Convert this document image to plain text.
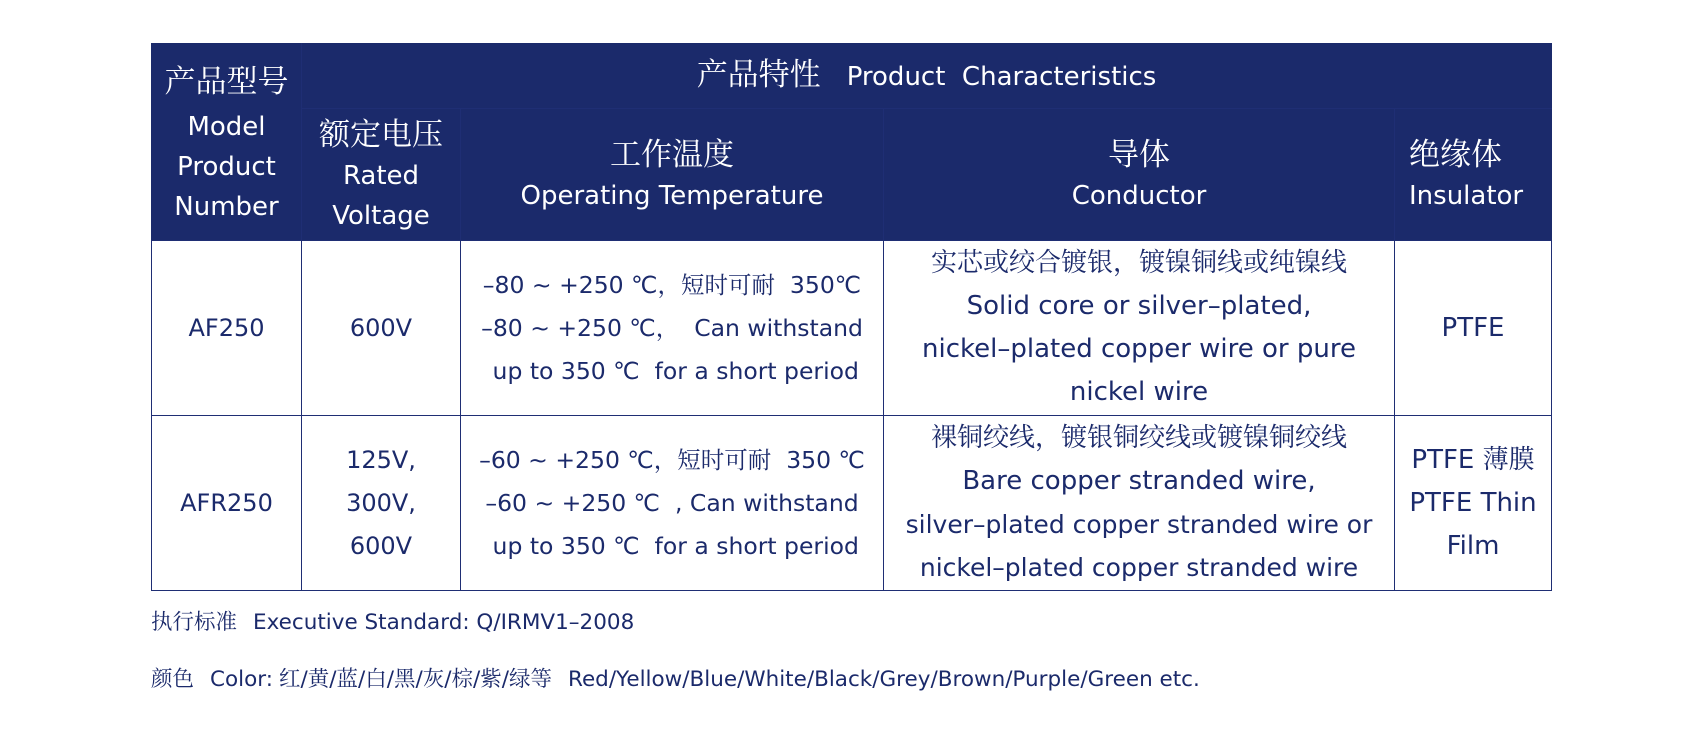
产品型号
Model
Product
Number	产品特性 Product  Characteristics			

	额定电压
Rated
Voltage	工作温度
Operating Temperature	导体
Conductor	绝缘体
Insulator

AF250	600V	–80 ~ +250 ℃，短时可耐  350℃
–80 ~ +250 ℃，  Can withstand
up to 350 ℃  for a short period	实芯或绞合镀银，镀镍铜线或纯镍线
Solid core or silver–plated,
nickel–plated copper wire or pure
nickel wire	PTFE

AFR250	125V,
300V,
600V	–60 ~ +250 ℃，短时可耐  350 ℃
–60 ~ +250 ℃  , Can withstand
up to 350 ℃  for a short period	裸铜绞线，镀银铜绞线或镀镍铜绞线
Bare copper stranded wire,
silver–plated copper stranded wire or
nickel–plated copper stranded wire	PTFE 薄膜
PTFE Thin
Film
执行标准 Executive Standard: Q/IRMV1–2008
颜色 Color: 红/黄/蓝/白/黑/灰/棕/紫/绿等 Red/Yellow/Blue/White/Black/Grey/Brown/Purple/Green etc.
